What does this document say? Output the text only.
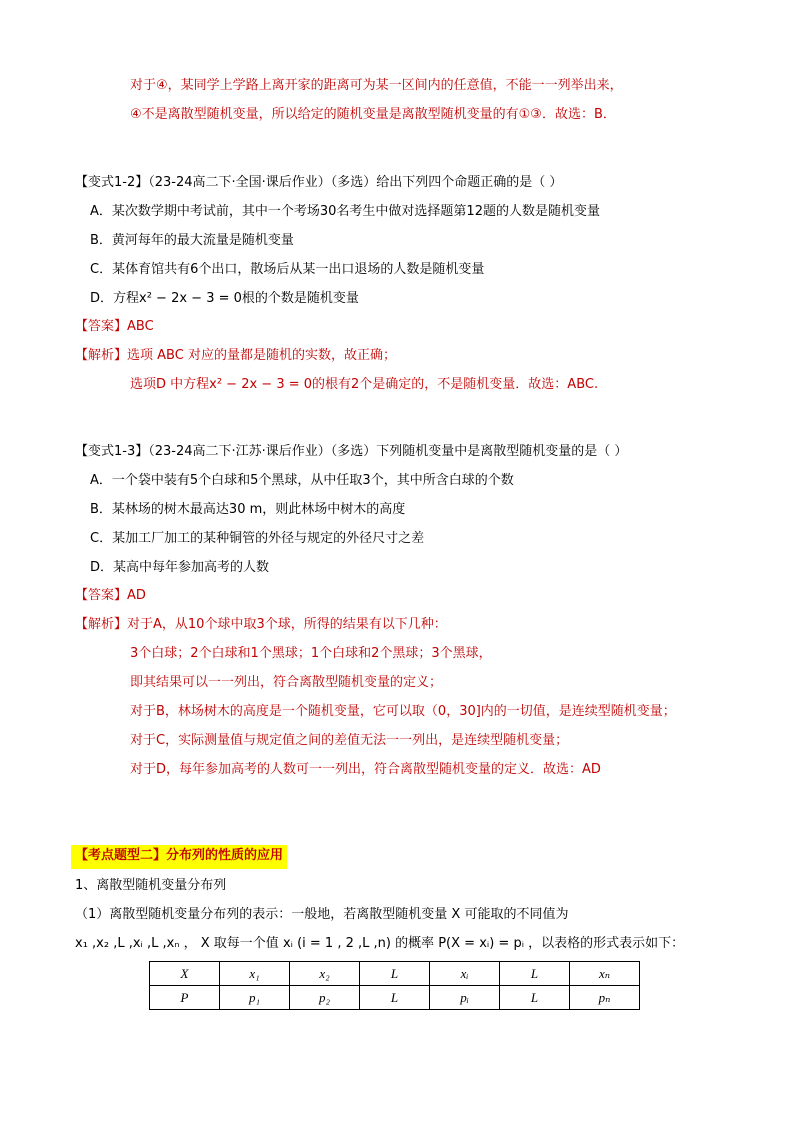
对于④，某同学上学路上离开家的距离可为某一区间内的任意值，不能一一列举出来，
④不是离散型随机变量，所以给定的随机变量是离散型随机变量的有①③．故选：B．
【变式1-2】（23-24高二下·全国·课后作业）（多选）给出下列四个命题正确的是（ ）
A．某次数学期中考试前，其中一个考场30名考生中做对选择题第12题的人数是随机变量
B．黄河每年的最大流量是随机变量
C．某体育馆共有6个出口，散场后从某一出口退场的人数是随机变量
D．方程x² − 2x − 3 = 0根的个数是随机变量
【答案】ABC
【解析】选项 ABC 对应的量都是随机的实数，故正确；
选项D 中方程x² − 2x − 3 = 0的根有2个是确定的，不是随机变量．故选：ABC.
【变式1-3】（23-24高二下·江苏·课后作业）（多选）下列随机变量中是离散型随机变量的是（ ）
A．一个袋中装有5个白球和5个黑球，从中任取3个，其中所含白球的个数
B．某林场的树木最高达30 m，则此林场中树木的高度
C．某加工厂加工的某种铜管的外径与规定的外径尺寸之差
D．某高中每年参加高考的人数
【答案】AD
【解析】对于A，从10个球中取3个球，所得的结果有以下几种：
3个白球；2个白球和1个黑球；1个白球和2个黑球；3个黑球，
即其结果可以一一列出，符合离散型随机变量的定义；
对于B，林场树木的高度是一个随机变量，它可以取（0，30]内的一切值，是连续型随机变量；
对于C，实际测量值与规定值之间的差值无法一一列出，是连续型随机变量；
对于D，每年参加高考的人数可一一列出，符合离散型随机变量的定义．故选：AD
【考点题型二】分布列的性质的应用
1、离散型随机变量分布列
（1）离散型随机变量分布列的表示：一般地，若离散型随机变量 X 可能取的不同值为
x₁ ,x₂ ,L ,xᵢ ,L ,xₙ ， X 取每一个值 xᵢ (i = 1 , 2 ,L ,n) 的概率 P(X = xᵢ) = pᵢ ，以表格的形式表示如下：
X	x₁	x₂	L	xᵢ	L	xₙ
P	p₁	p₂	L	pᵢ	L	pₙ
